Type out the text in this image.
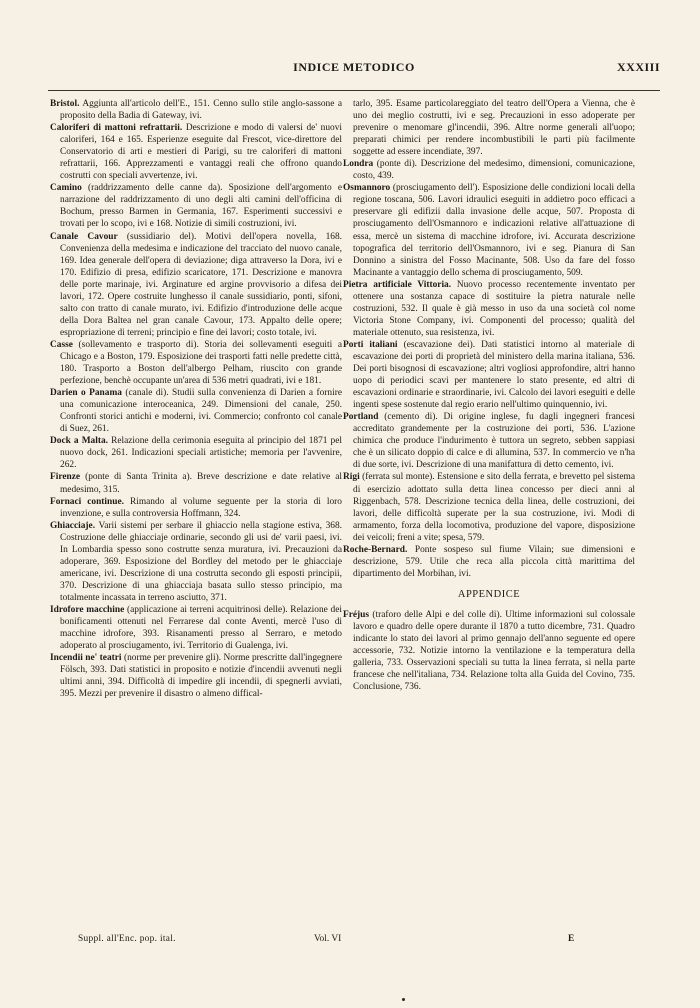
INDICE METODICO	XXXIII

Bristol. Aggiunta all'articolo dell'E., 151. Cenno sullo stile anglo-sassone a proposito della Badia di Gateway, ivi.

Caloriferi di mattoni refrattarii. Descrizione e modo di valersi de' nuovi caloriferi, 164 e 165. Esperienze eseguite dal Frescot, vice-direttore del Conservatorio di arti e mestieri di Parigi, su tre caloriferi di mattoni refrattarii, 166. Apprezzamenti e vantaggi reali che offrono quando costrutti con speciali avvertenze, ivi.

Camino (raddrizzamento delle canne da). Sposizione dell'argomento e narrazione del raddrizzamento di uno degli alti camini dell'officina di Bochum, presso Barmen in Germania, 167. Esperimenti successivi e trovati per lo scopo, ivi e 168. Notizie di simili costruzioni, ivi.

Canale Cavour (sussidiario del). Motivi dell'opera novella, 168. Convenienza della medesima e indicazione del tracciato del nuovo canale, 169. Idea generale dell'opera di deviazione; diga attraverso la Dora, ivi e 170. Edifizio di presa, edifizio scaricatore, 171. Descrizione e manovra delle porte marinaje, ivi. Arginature ed argine provvisorio a difesa dei lavori, 172. Opere costruite lunghesso il canale sussidiario, ponti, sifoni, salto con tratto di canale murato, ivi. Edifizio d'introduzione delle acque della Dora Baltea nel gran canale Cavour, 173. Appalto delle opere; espropriazione di terreni; principio e fine dei lavori; costo totale, ivi.

Casse (sollevamento e trasporto di). Storia dei sollevamenti eseguiti a Chicago e a Boston, 179. Esposizione dei trasporti fatti nelle predette città, 180. Trasporto a Boston dell'albergo Pelham, riuscito con grande perfezione, benchè occupante un'area di 536 metri quadrati, ivi e 181.

Darien o Panama (canale di). Studii sulla convenienza di Darien a fornire una comunicazione interoceanica, 249. Dimensioni del canale, 250. Confronti storici antichi e moderni, ivi. Commercio; confronto col canale di Suez, 261.

Dock a Malta. Relazione della cerimonia eseguita al principio del 1871 pel nuovo dock, 261. Indicazioni speciali artistiche; memoria per l'avvenire, 262.

Firenze (ponte di Santa Trinita a). Breve descrizione e date relative al medesimo, 315.

Fornaci continue. Rimando al volume seguente per la storia di loro invenzione, e sulla controversia Hoffmann, 324.

Ghiacciaje. Varii sistemi per serbare il ghiaccio nella stagione estiva, 368. Costruzione delle ghiacciaje ordinarie, secondo gli usi de' varii paesi, ivi. In Lombardia spesso sono costrutte senza muratura, ivi. Precauzioni da adoperare, 369. Esposizione del Bordley del metodo per le ghiacciaje americane, ivi. Descrizione di una costrutta secondo gli esposti principii, 370. Descrizione di una ghiacciaja basata sullo stesso principio, ma totalmente incassata in terreno asciutto, 371.

Idrofore macchine (applicazione ai terreni acquitrinosi delle). Relazione dei bonificamenti ottenuti nel Ferrarese dal conte Aventi, mercè l'uso di macchine idrofore, 393. Risanamenti presso al Serraro, e metodo adoperato al prosciugamento, ivi. Territorio di Gualenga, ivi.

Incendii ne' teatri (norme per prevenire gli). Norme prescritte dall'ingegnere Fölsch, 393. Dati statistici in proposito e notizie d'incendii avvenuti negli ultimi anni, 394. Difficoltà di impedire gli incendii, di spegnerli avviati, 395. Mezzi per prevenire il disastro o almeno diffical-

tarlo, 395. Esame particolareggiato del teatro dell'Opera a Vienna, che è uno dei meglio costrutti, ivi e seg. Precauzioni in esso adoperate per prevenire o menomare gl'incendii, 396. Altre norme generali all'uopo; preparati chimici per rendere incombustibili le parti più facilmente soggette ad essere incendiate, 397.

Londra (ponte di). Descrizione del medesimo, dimensioni, comunicazione, costo, 439.

Osmannoro (prosciugamento dell'). Esposizione delle condizioni locali della regione toscana, 506. Lavori idraulici eseguiti in addietro poco efficaci a preservare gli edifizii dalla invasione delle acque, 507. Proposta di prosciugamento dell'Osmannoro e indicazioni relative all'attuazione di essa, mercè un sistema di macchine idrofore, ivi. Accurata descrizione topografica del territorio dell'Osmannoro, ivi e seg. Pianura di San Donnino a sinistra del Fosso Macinante, 508. Uso da fare del fosso Macinante a vantaggio dello schema di prosciugamento, 509.

Pietra artificiale Vittoria. Nuovo processo recentemente inventato per ottenere una sostanza capace di sostituire la pietra naturale nelle costruzioni, 532. Il quale è già messo in uso da una società col nome Victoria Stone Company, ivi. Componenti del processo; qualità del materiale ottenuto, sua resistenza, ivi.

Porti italiani (escavazione dei). Dati statistici intorno al materiale di escavazione dei porti di proprietà del ministero della marina italiana, 536. Dei porti bisognosi di escavazione; altri vogliosi approfondire, altri hanno uopo di periodici scavi per mantenere lo stato presente, ed altri di escavazioni ordinarie e straordinarie, ivi. Calcolo dei lavori eseguiti e delle ingenti spese sostenute dal regio erario nell'ultimo quinquennio, ivi.

Portland (cemento di). Di origine inglese, fu dagli ingegneri francesi accreditato grandemente per la costruzione dei porti, 536. L'azione chimica che produce l'indurimento è tuttora un segreto, sebben sappiasi che è un silicato doppio di calce e di allumina, 537. In commercio ve n'ha di due sorte, ivi. Descrizione di una manifattura di detto cemento, ivi.

Rigi (ferrata sul monte). Estensione e sito della ferrata, e brevetto pel sistema di esercizio adottato sulla detta linea concesso per dieci anni al Riggenbach, 578. Descrizione tecnica della linea, delle costruzioni, dei lavori, delle difficoltà superate per la sua costruzione, ivi. Modi di armamento, forza della locomotiva, produzione del vapore, disposizione dei veicoli; freni a vite; spesa, 579.

Roche-Bernard. Ponte sospeso sul fiume Vilain; sue dimensioni e descrizione, 579. Utile che reca alla piccola città marittima del dipartimento del Morbihan, ivi.

APPENDICE

Fréjus (traforo delle Alpi e del colle di). Ultime informazioni sul colossale lavoro e quadro delle opere durante il 1870 a tutto dicembre, 731. Quadro indicante lo stato dei lavori al primo gennajo dell'anno seguente ed opere accessorie, 732. Notizie intorno la ventilazione e la temperatura della galleria, 733. Osservazioni speciali su tutta la linea ferrata, sì nella parte francese che nell'italiana, 734. Relazione tolta alla Guida del Covino, 735. Conclusione, 736.

Suppl. all'Enc. pop. ital.	Vol. VI	E
